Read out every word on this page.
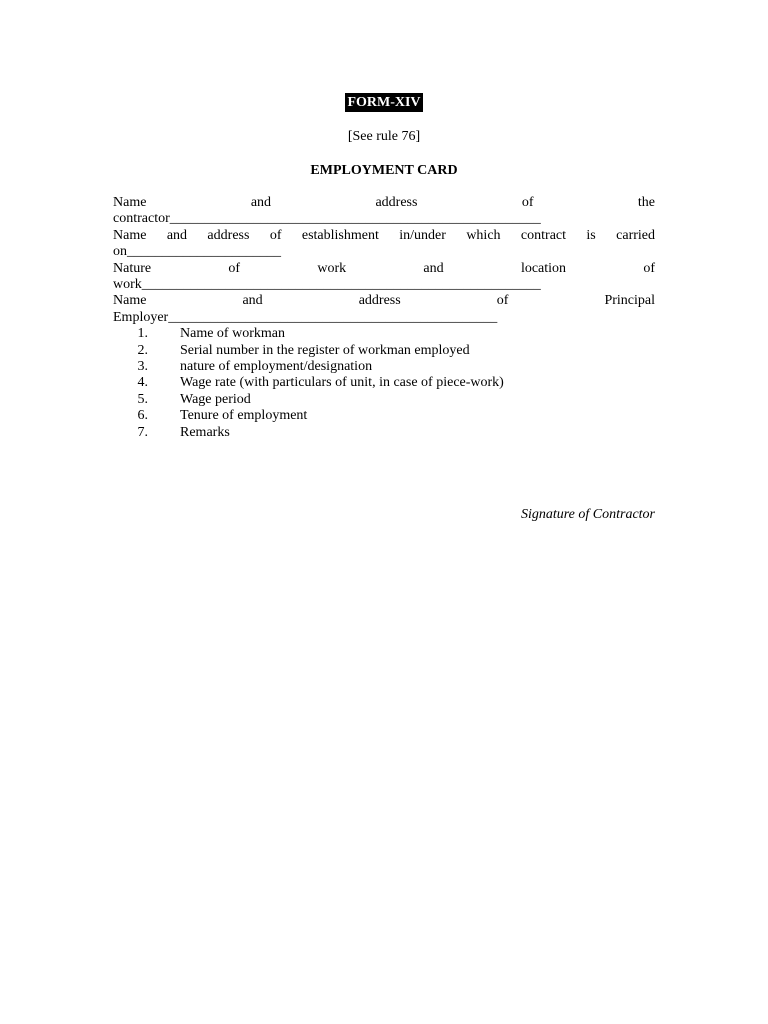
FORM-XIV
[See rule 76]
EMPLOYMENT CARD
Name and address of the
contractor_____________________________________________________
Name and address of establishment in/under which contract is carried
on______________________
Nature of work and location of
work_________________________________________________________
Name and address of Principal
Employer_______________________________________________
1. Name of workman
2. Serial number in the register of workman employed
3. nature of employment/designation
4. Wage rate (with particulars of unit, in case of piece-work)
5. Wage period
6. Tenure of employment
7. Remarks
Signature of Contractor
